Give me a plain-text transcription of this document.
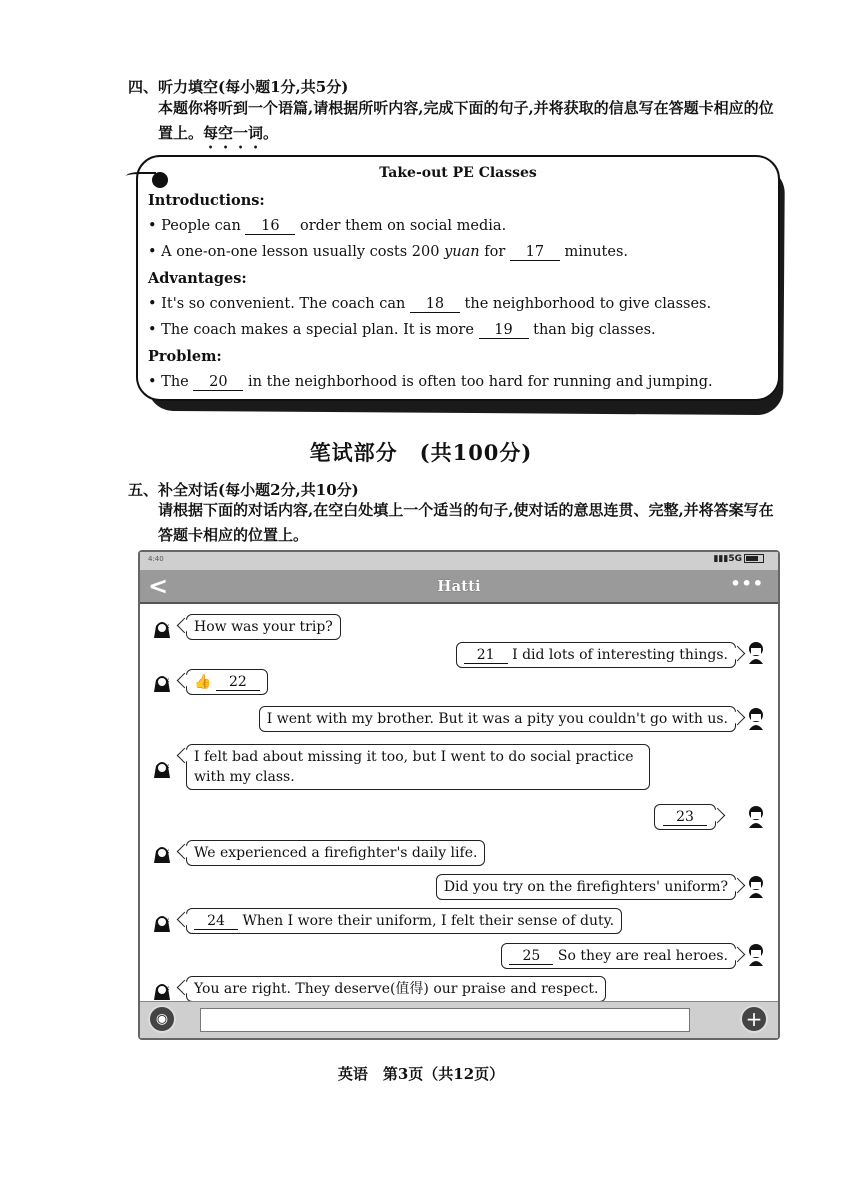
四、听力填空(每小题1分,共5分)
本题你将听到一个语篇,请根据所听内容,完成下面的句子,并将获取的信息写在答题卡相应的位置上。每空一词。
Take-out PE Classes
Introductions:
• People can 16 order them on social media.
• A one-on-one lesson usually costs 200 yuan for 17 minutes.
Advantages:
• It's so convenient. The coach can 18 the neighborhood to give classes.
• The coach makes a special plan. It is more 19 than big classes.
Problem:
• The 20 in the neighborhood is often too hard for running and jumping.
笔试部分　(共100分)
五、补全对话(每小题2分,共10分)
请根据下面的对话内容,在空白处填上一个适当的句子,使对话的意思连贯、完整,并将答案写在答题卡相应的位置上。
4:40	▮▮▮5G
<	Hatti	•••
:	How was your trip?
21 I did lots of interesting things.
:	👍 22
I went with my brother. But it was a pity you couldn't go with us.
:
I felt bad about missing it too, but I went to do social practice with my class.
23
:	We experienced a firefighter's daily life.
Did you try on the firefighters' uniform?
:	24 When I wore their uniform, I felt their sense of duty.
25 So they are real heroes.
:	You are right. They deserve(值得) our praise and respect.
◉	+
英语　第3页（共12页）
